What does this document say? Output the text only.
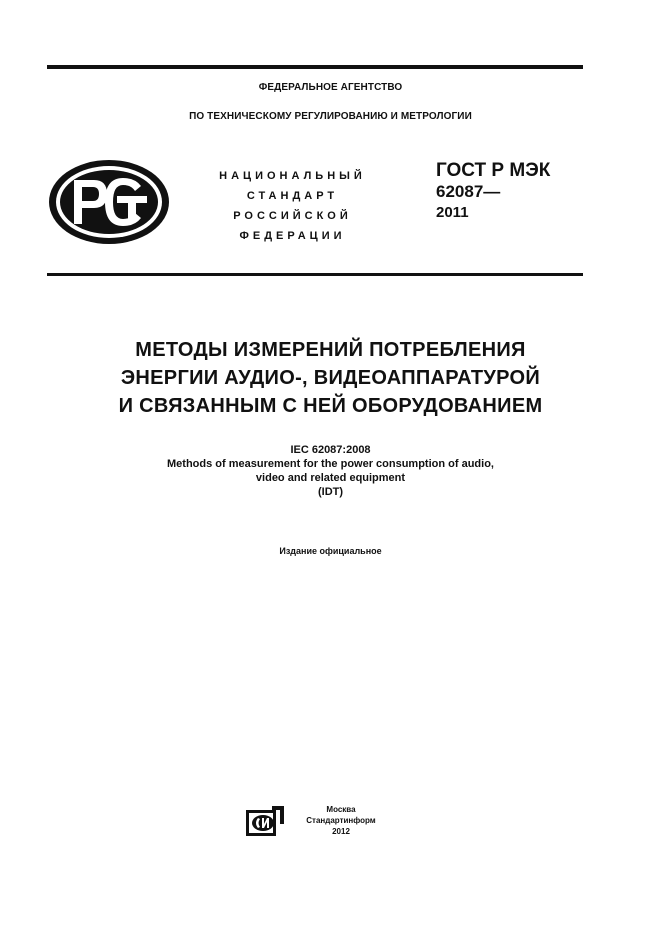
ФЕДЕРАЛЬНОЕ АГЕНТСТВО
ПО ТЕХНИЧЕСКОМУ РЕГУЛИРОВАНИЮ И МЕТРОЛОГИИ
НАЦИОНАЛЬНЫЙ
СТАНДАРТ
РОССИЙСКОЙ
ФЕДЕРАЦИИ
ГОСТ Р МЭК
62087—
2011
МЕТОДЫ ИЗМЕРЕНИЙ ПОТРЕБЛЕНИЯ
ЭНЕРГИИ АУДИО-, ВИДЕОАППАРАТУРОЙ
И СВЯЗАННЫМ С НЕЙ ОБОРУДОВАНИЕМ
IEC 62087:2008
Methods of measurement for the power consumption of audio,
video and related equipment
(IDT)
Издание официальное
Москва
Стандартинформ
2012
